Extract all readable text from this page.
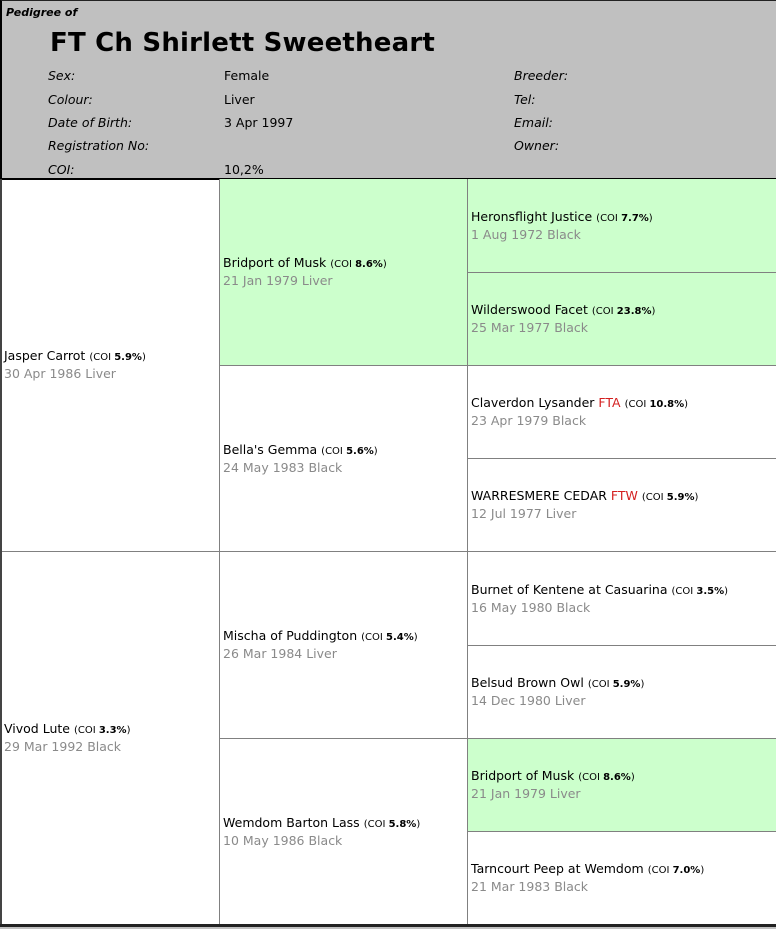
Pedigree of
FT Ch Shirlett Sweetheart
Sex:	Female
Colour:	Liver
Date of Birth:	3 Apr 1997
Registration No:
COI:	10,2%
Breeder:
Tel:
Email:
Owner:
Jasper Carrot (COI 5.9%)
30 Apr 1986 Liver
Vivod Lute (COI 3.3%)
29 Mar 1992 Black
Bridport of Musk (COI 8.6%)
21 Jan 1979 Liver
Bella's Gemma (COI 5.6%)
24 May 1983 Black
Mischa of Puddington (COI 5.4%)
26 Mar 1984 Liver
Wemdom Barton Lass (COI 5.8%)
10 May 1986 Black
Heronsflight Justice (COI 7.7%)
1 Aug 1972 Black
Wilderswood Facet (COI 23.8%)
25 Mar 1977 Black
Claverdon Lysander FTA (COI 10.8%)
23 Apr 1979 Black
WARRESMERE CEDAR FTW (COI 5.9%)
12 Jul 1977 Liver
Burnet of Kentene at Casuarina (COI 3.5%)
16 May 1980 Black
Belsud Brown Owl (COI 5.9%)
14 Dec 1980 Liver
Bridport of Musk (COI 8.6%)
21 Jan 1979 Liver
Tarncourt Peep at Wemdom (COI 7.0%)
21 Mar 1983 Black
